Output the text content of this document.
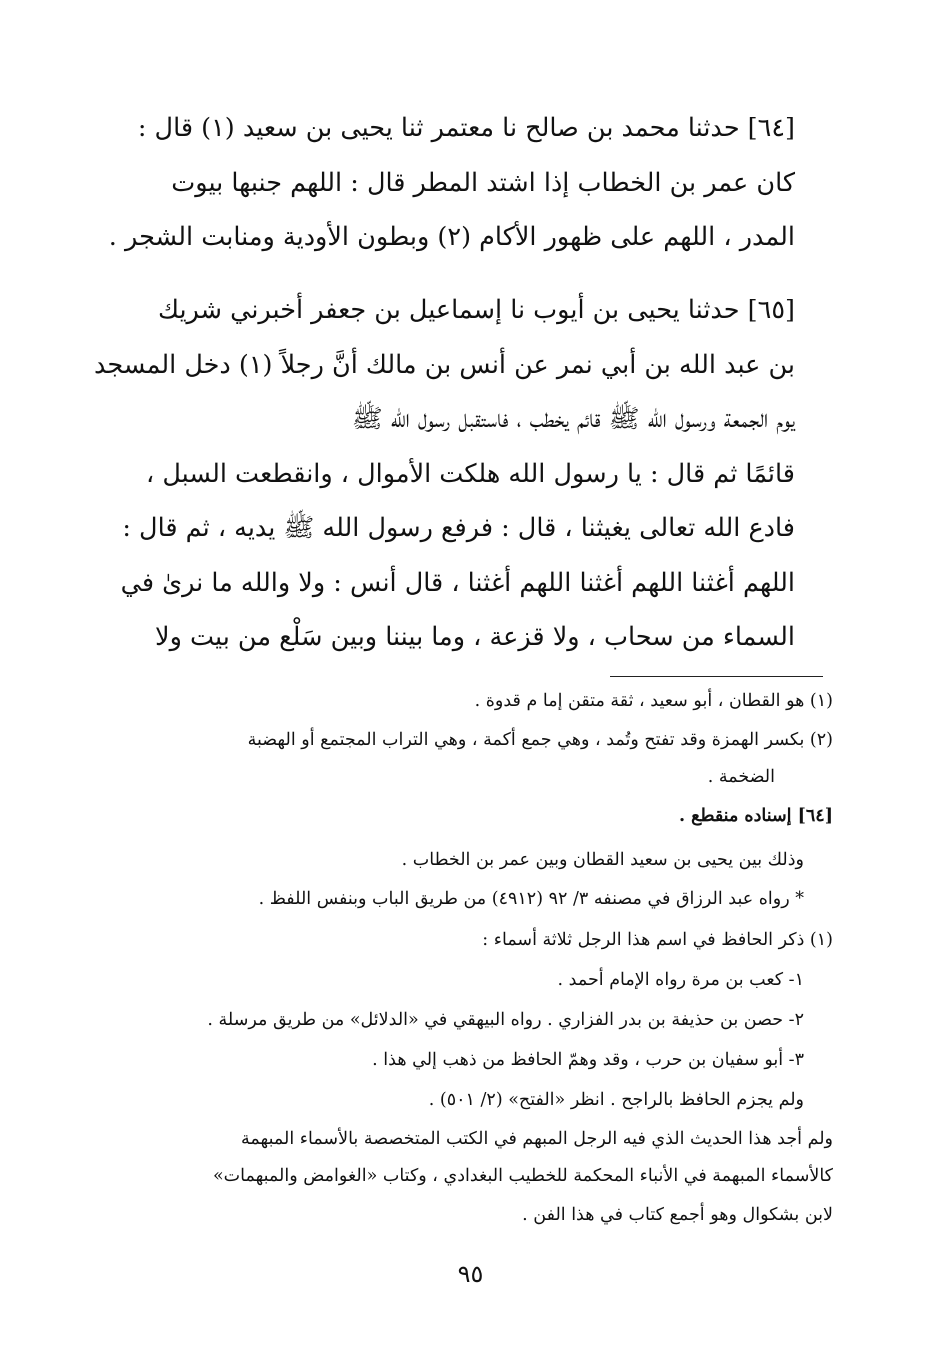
[٦٤] حدثنا محمد بن صالح نا معتمر ثنا يحيى بن سعيد (١) قال :
كان عمر بن الخطاب إذا اشتد المطر قال : اللهم جنبها بيوت
المدر ، اللهم على ظهور الأكام (٢) وبطون الأودية ومنابت الشجر .
[٦٥] حدثنا يحيى بن أيوب نا إسماعيل بن جعفر أخبرني شريك
بن عبد الله بن أبي نمر عن أنس بن مالك أنَّ رجلاً (١) دخل المسجد
يوم الجمعة ورسول الله ﷺ قائم يخطب ، فاستقبل رسول الله ﷺ
قائمًا ثم قال : يا رسول الله هلكت الأموال ، وانقطعت السبل ،
فادع الله تعالى يغيثنا ، قال : فرفع رسول الله ﷺ يديه ، ثم قال :
اللهم أغثنا اللهم أغثنا اللهم أغثنا ، قال أنس : ولا والله ما نرىٰ في
السماء من سحاب ، ولا قزعة ، وما بيننا وبين سَلْع من بيت ولا

(١) هو القطان ، أبو سعيد ، ثقة متقن إما م قدوة .

(٢) بكسر الهمزة وقد تفتح وتُمد ، وهي جمع أكمة ، وهي التراب المجتمع أو الهضبة

الضخمة .

[٦٤] إسناده منقطع .

وذلك بين يحيى بن سعيد القطان وبين عمر بن الخطاب .

* رواه عبد الرزاق في مصنفه ٣/ ٩٢ (٤٩١٢) من طريق الباب وبنفس اللفظ .

(١) ذكر الحافظ في اسم هذا الرجل ثلاثة أسماء :

١- كعب بن مرة رواه الإمام أحمد .

٢- حصن بن حذيفة بن بدر الفزاري . رواه البيهقي في «الدلائل» من طريق مرسلة .

٣- أبو سفيان بن حرب ، وقد وهمّ الحافظ من ذهب إلي هذا .

ولم يجزم الحافظ بالراجح . انظر «الفتح» (٢/ ٥٠١) .

ولم أجد هذا الحديث الذي فيه الرجل المبهم في الكتب المتخصصة بالأسماء المبهمة

كالأسماء المبهمة في الأنباء المحكمة للخطيب البغدادي ، وكتاب «الغوامض والمبهمات»

لابن بشكوال وهو أجمع كتاب في هذا الفن .

٩٥
